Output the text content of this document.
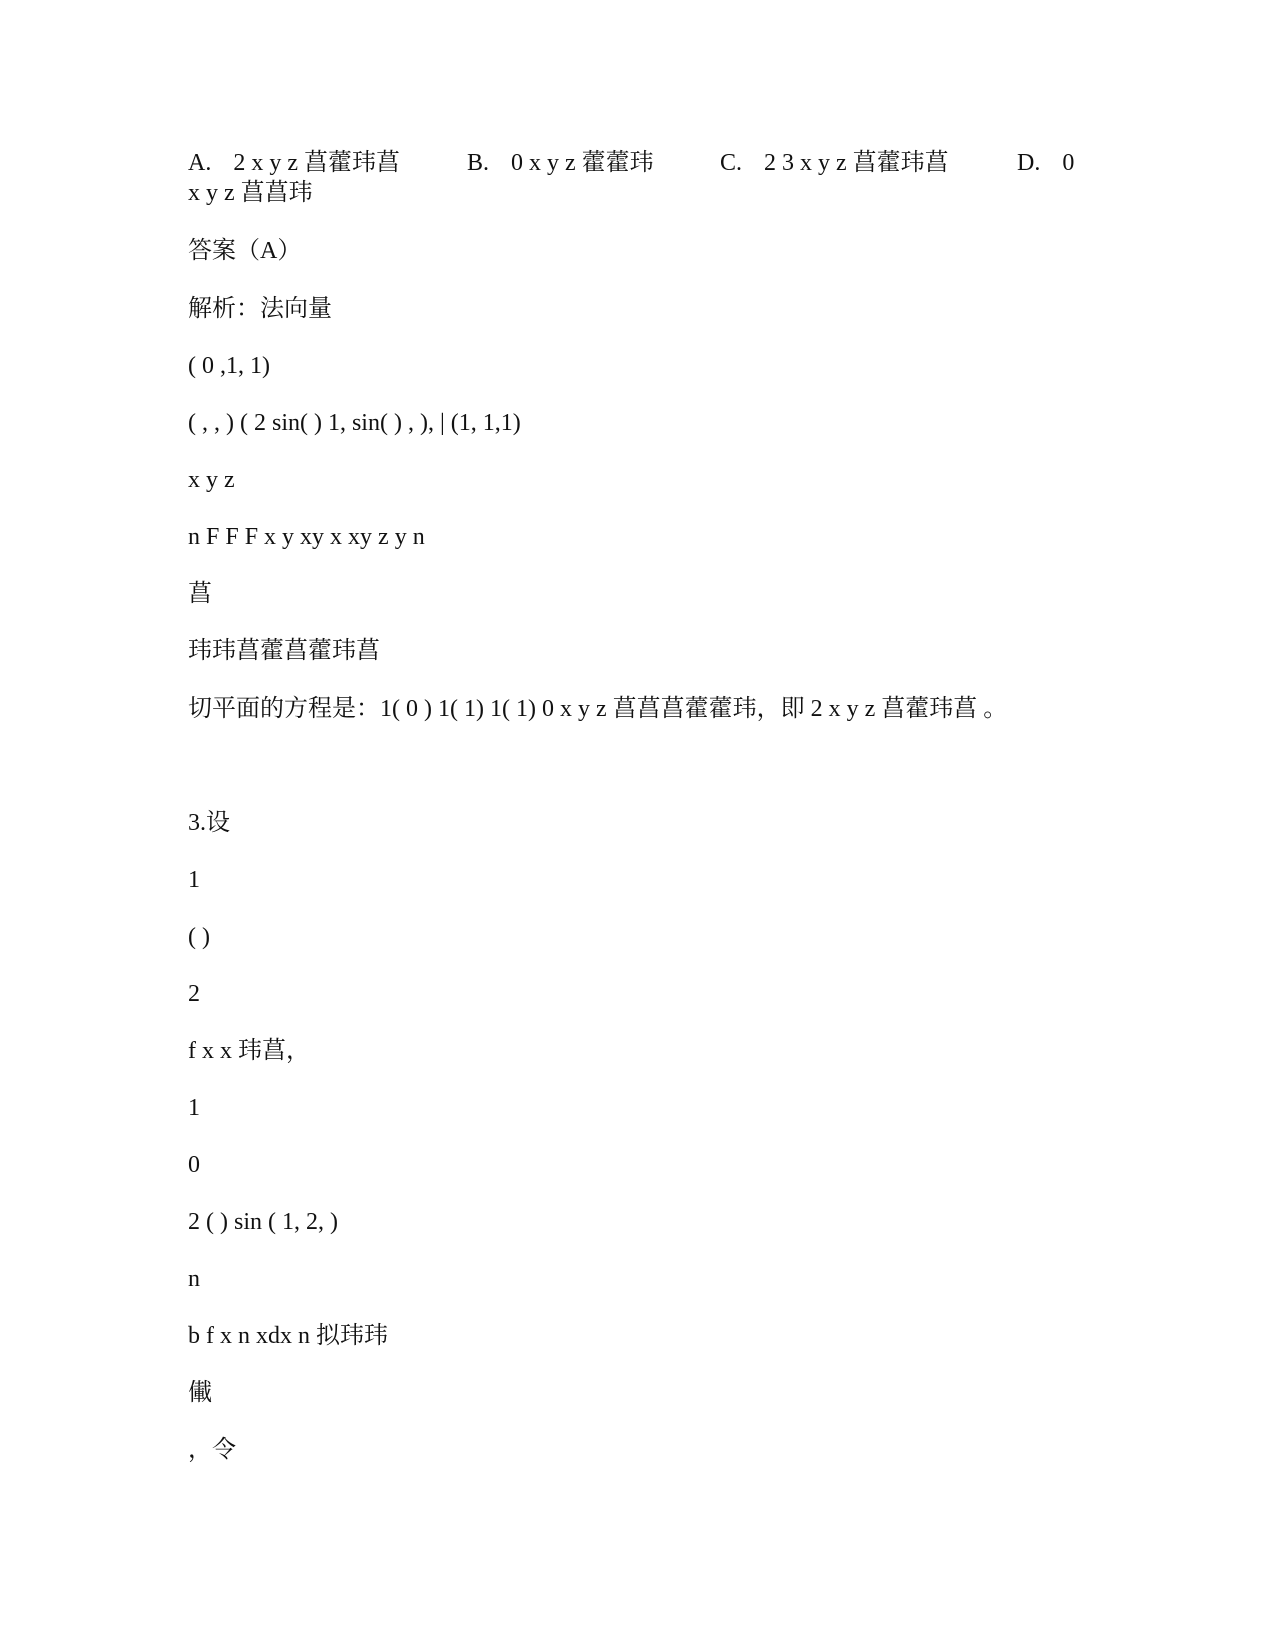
A. 2 x y z 菖藿玮菖	B. 0 x y z 藿藿玮	C. 2 3 x y z 菖藿玮菖	D. 0
x y z 菖菖玮
答案（A）
解析：法向量
( 0 ,1, 1)
( , , ) ( 2 sin( ) 1, sin( ) , ), | (1, 1,1)
x y z
n F F F x y xy x xy z y n
菖
玮玮菖藿菖藿玮菖
切平面的方程是：1( 0 ) 1( 1) 1( 1) 0 x y z 菖菖菖藿藿玮，即 2 x y z 菖藿玮菖 。
3.设
1
( )
2
f x x 玮菖，
1
0
2 ( ) sin ( 1, 2, )
n
b f x n xdx n 拟玮玮
儎
，令
